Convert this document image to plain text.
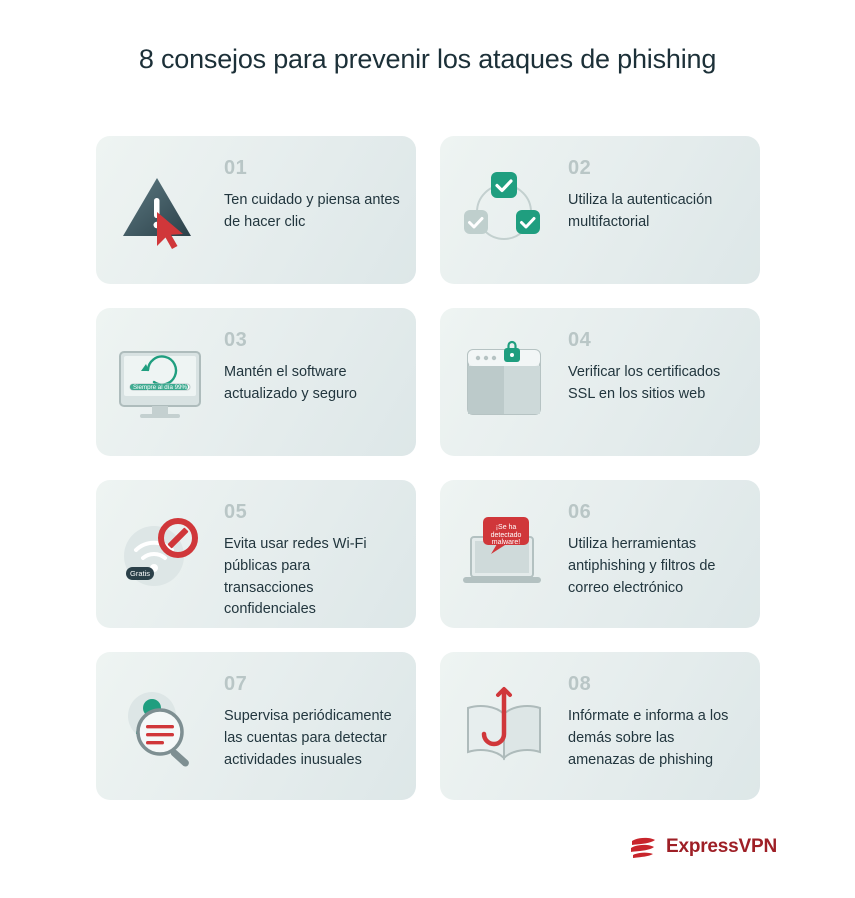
8 consejos para prevenir los ataques de phishing
01
Ten cuidado y piensa antes de hacer clic
02
Utiliza la autenticación multifactorial
Siempre al día 99%
03
Mantén el software actualizado y seguro
04
Verificar los certificados SSL en los sitios web
Gratis
05
Evita usar redes Wi-Fi públicas para transacciones confidenciales
¡Se ha
detectado
malware!
06
Utiliza herramientas antiphishing y filtros de correo electrónico
07
Supervisa periódicamente las cuentas para detectar actividades inusuales
08
Infórmate e informa a los demás sobre las amenazas de phishing
ExpressVPN
